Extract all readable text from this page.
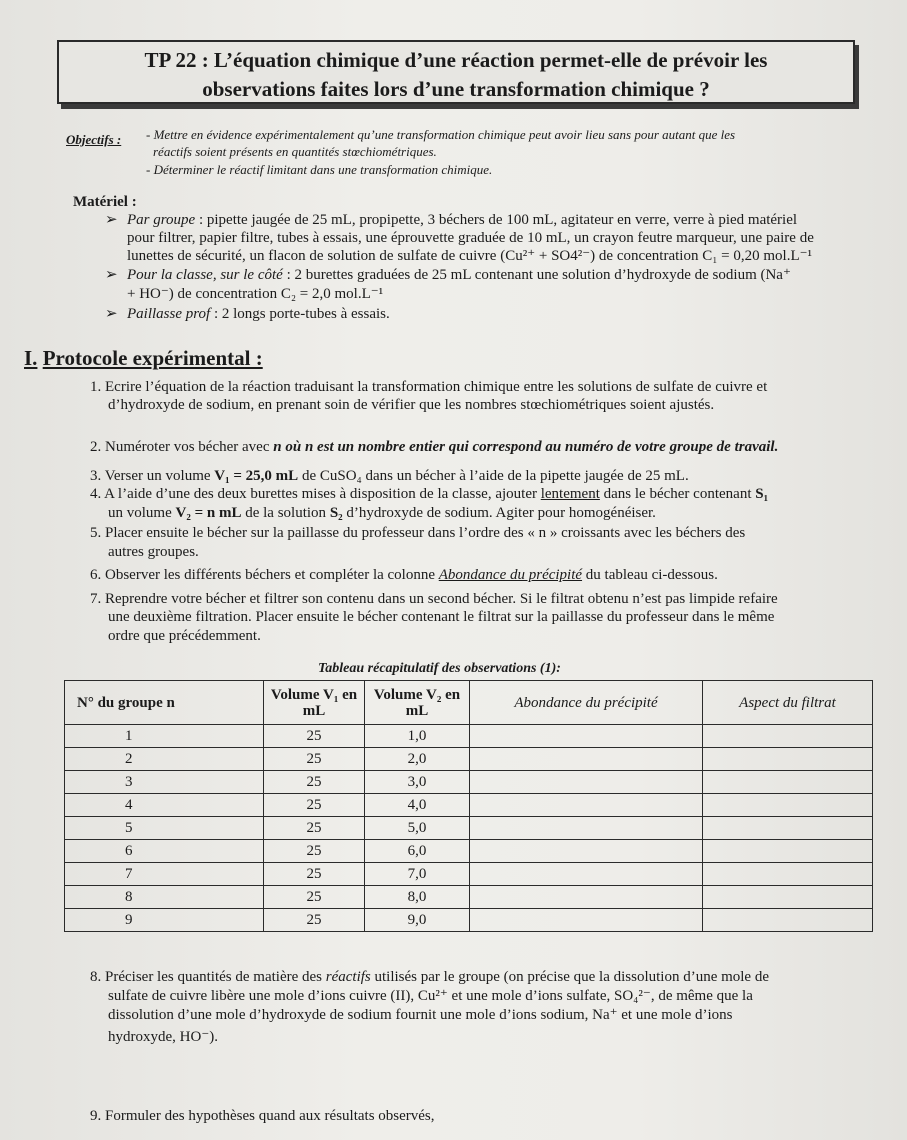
TP 22 : L’équation chimique d’une réaction permet-elle de prévoir les
observations faites lors d’une transformation chimique ?
Objectifs : - Mettre en évidence expérimentalement qu’une transformation chimique peut avoir lieu sans pour autant que les
réactifs soient présents en quantités stœchiométriques.
- Déterminer le réactif limitant dans une transformation chimique.
Matériel :
➢ Par groupe : pipette jaugée de 25 mL, propipette, 3 béchers de 100 mL, agitateur en verre, verre à pied matériel
pour filtrer, papier filtre, tubes à essais, une éprouvette graduée de 10 mL, un crayon feutre marqueur, une paire de
lunettes de sécurité, un flacon de solution de sulfate de cuivre (Cu²⁺ + SO4²⁻) de concentration C₁ = 0,20 mol.L⁻¹
➢ Pour la classe, sur le côté : 2 burettes graduées de 25 mL contenant une solution d’hydroxyde de sodium (Na⁺
+ HO⁻) de concentration C₂ = 2,0 mol.L⁻¹
➢ Paillasse prof : 2 longs porte-tubes à essais.
I. Protocole expérimental :
1. Ecrire l’équation de la réaction traduisant la transformation chimique entre les solutions de sulfate de cuivre et
d’hydroxyde de sodium, en prenant soin de vérifier que les nombres stœchiométriques soient ajustés.
2. Numéroter vos bécher avec n où n est un nombre entier qui correspond au numéro de votre groupe de travail.
3. Verser un volume V₁ = 25,0 mL de CuSO₄ dans un bécher à l’aide de la pipette jaugée de 25 mL.
4. A l’aide d’une des deux burettes mises à disposition de la classe, ajouter lentement dans le bécher contenant S₁
un volume V₂ = n mL de la solution S₂ d’hydroxyde de sodium. Agiter pour homogénéiser.
5. Placer ensuite le bécher sur la paillasse du professeur dans l’ordre des « n » croissants avec les béchers des
autres groupes.
6. Observer les différents béchers et compléter la colonne Abondance du précipité du tableau ci-dessous.
7. Reprendre votre bécher et filtrer son contenu dans un second bécher. Si le filtrat obtenu n’est pas limpide refaire
une deuxième filtration. Placer ensuite le bécher contenant le filtrat sur la paillasse du professeur dans le même
ordre que précédemment.
Tableau récapitulatif des observations (1):
N° du groupe n	Volume V₁ en mL	Volume V₂ en mL	Abondance du précipité	Aspect du filtrat
1	25	1,0		
2	25	2,0		
3	25	3,0		
4	25	4,0		
5	25	5,0		
6	25	6,0		
7	25	7,0		
8	25	8,0		
9	25	9,0		
8. Préciser les quantités de matière des réactifs utilisés par le groupe (on précise que la dissolution d’une mole de
sulfate de cuivre libère une mole d’ions cuivre (II), Cu²⁺ et une mole d’ions sulfate, SO₄²⁻, de même que la
dissolution d’une mole d’hydroxyde de sodium fournit une mole d’ions sodium, Na⁺ et une mole d’ions
hydroxyde, HO⁻).
9. Formuler des hypothèses quand aux résultats observés,
